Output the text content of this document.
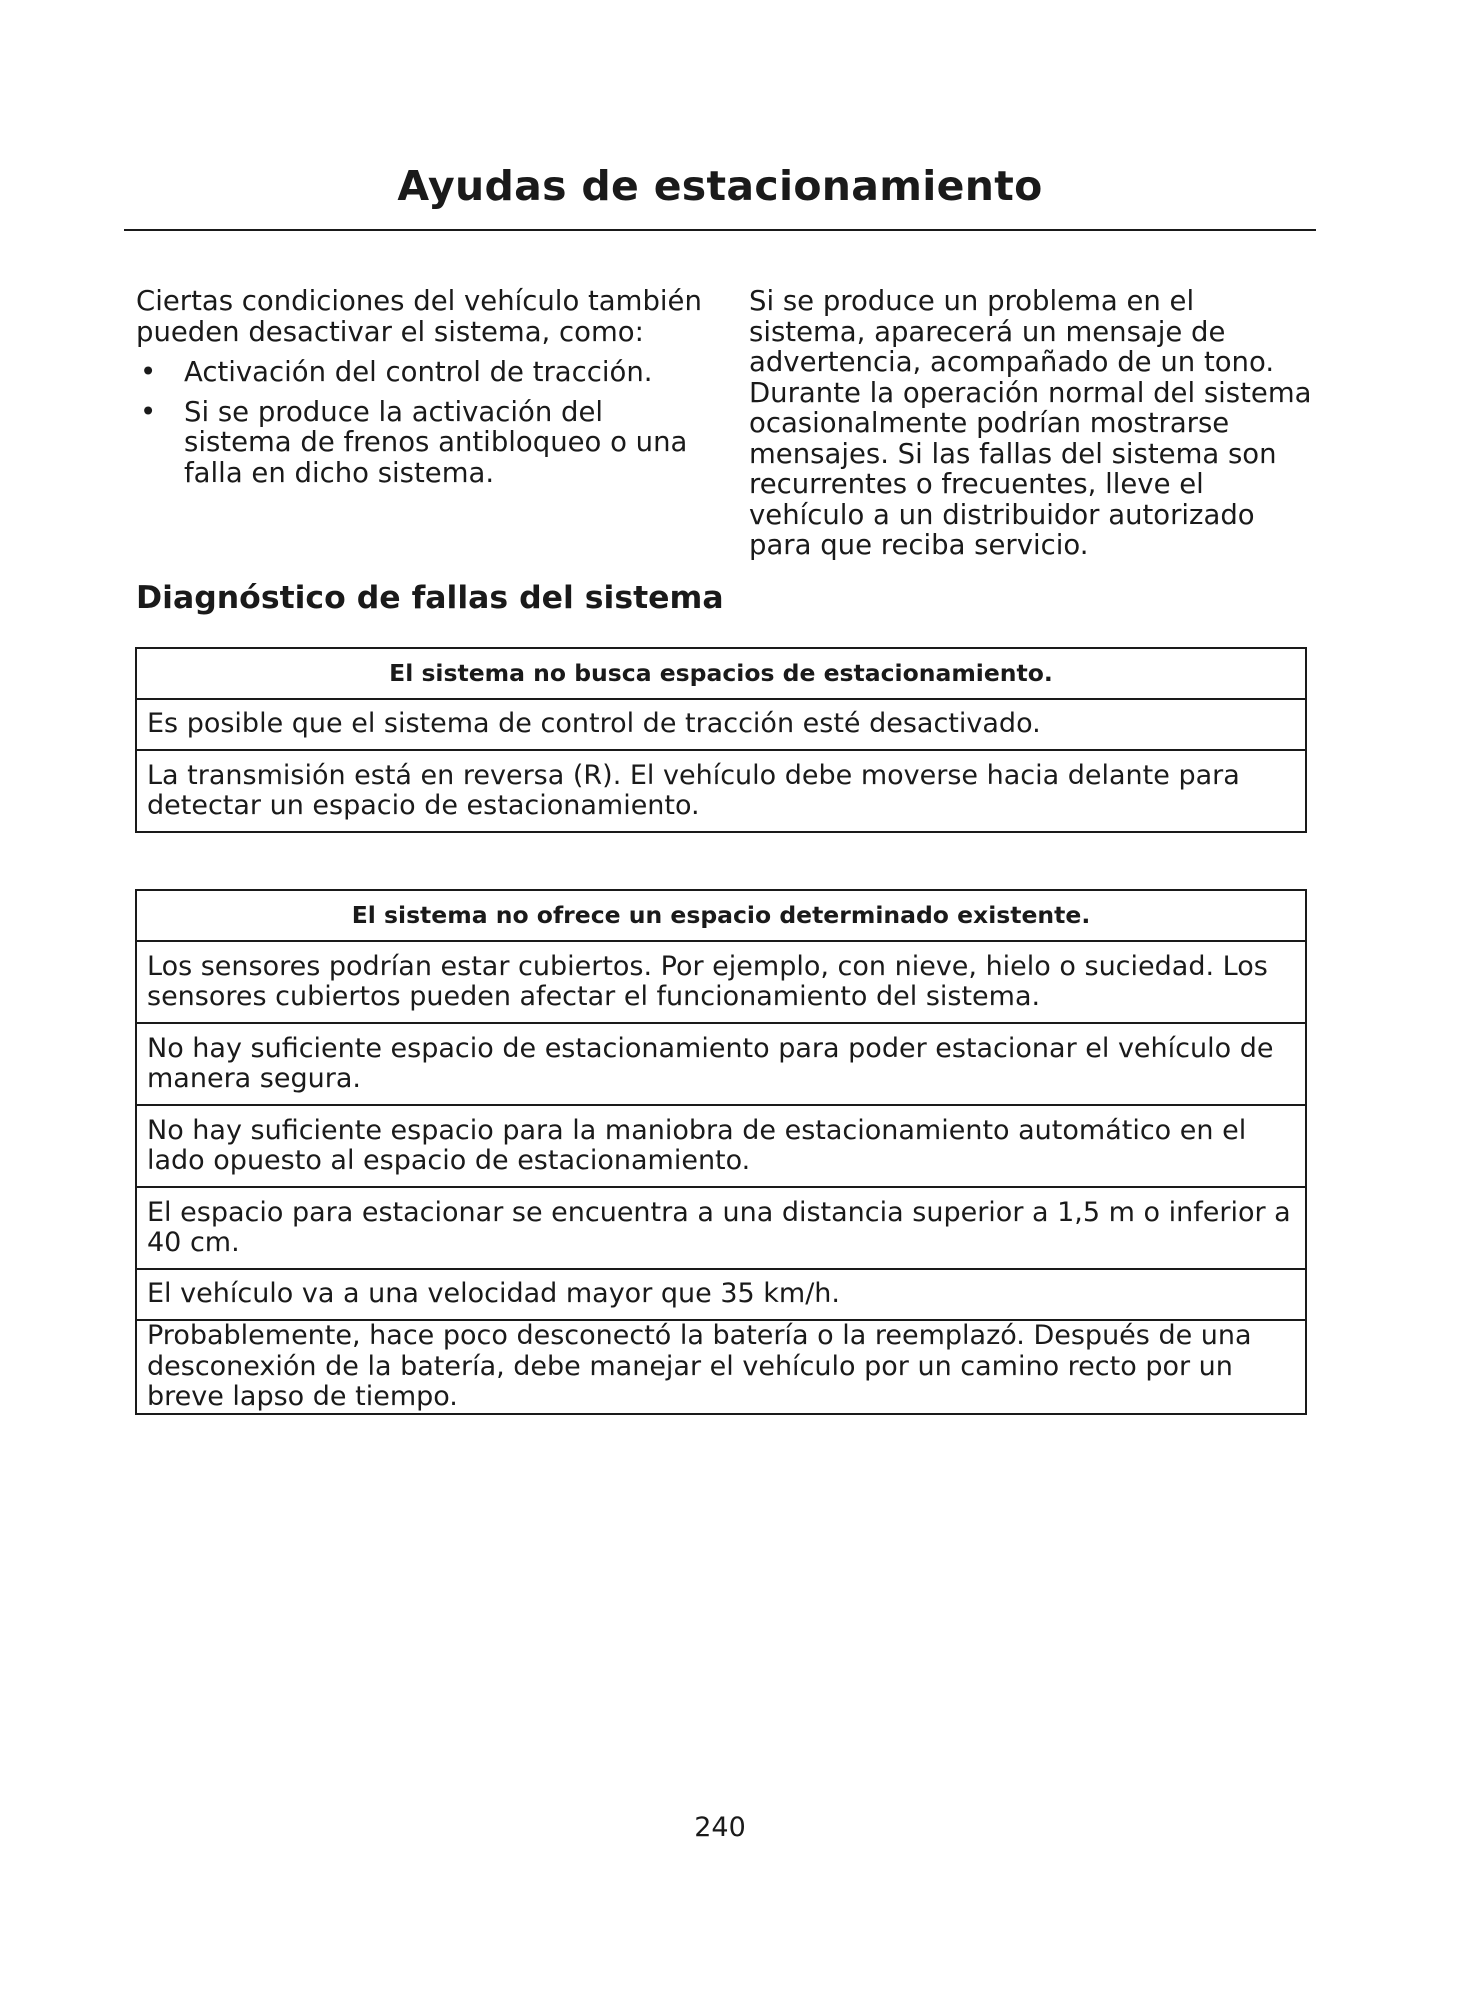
Ayudas de estacionamiento

Ciertas condiciones del vehículo también pueden desactivar el sistema, como:

• Activación del control de tracción.
• Si se produce la activación del sistema de frenos antibloqueo o una falla en dicho sistema.

Si se produce un problema en el sistema, aparecerá un mensaje de advertencia, acompañado de un tono. Durante la operación normal del sistema ocasionalmente podrían mostrarse mensajes. Si las fallas del sistema son recurrentes o frecuentes, lleve el vehículo a un distribuidor autorizado para que reciba servicio.

Diagnóstico de fallas del sistema
El sistema no busca espacios de estacionamiento.
Es posible que el sistema de control de tracción esté desactivado.
La transmisión está en reversa (R). El vehículo debe moverse hacia delante para detectar un espacio de estacionamiento.
El sistema no ofrece un espacio determinado existente.
Los sensores podrían estar cubiertos. Por ejemplo, con nieve, hielo o suciedad. Los sensores cubiertos pueden afectar el funcionamiento del sistema.
No hay suficiente espacio de estacionamiento para poder estacionar el vehículo de manera segura.
No hay suficiente espacio para la maniobra de estacionamiento automático en el lado opuesto al espacio de estacionamiento.
El espacio para estacionar se encuentra a una distancia superior a 1,5 m o inferior a 40 cm.
El vehículo va a una velocidad mayor que 35 km/h.
Probablemente, hace poco desconectó la batería o la reemplazó. Después de una desconexión de la batería, debe manejar el vehículo por un camino recto por un breve lapso de tiempo.
240
